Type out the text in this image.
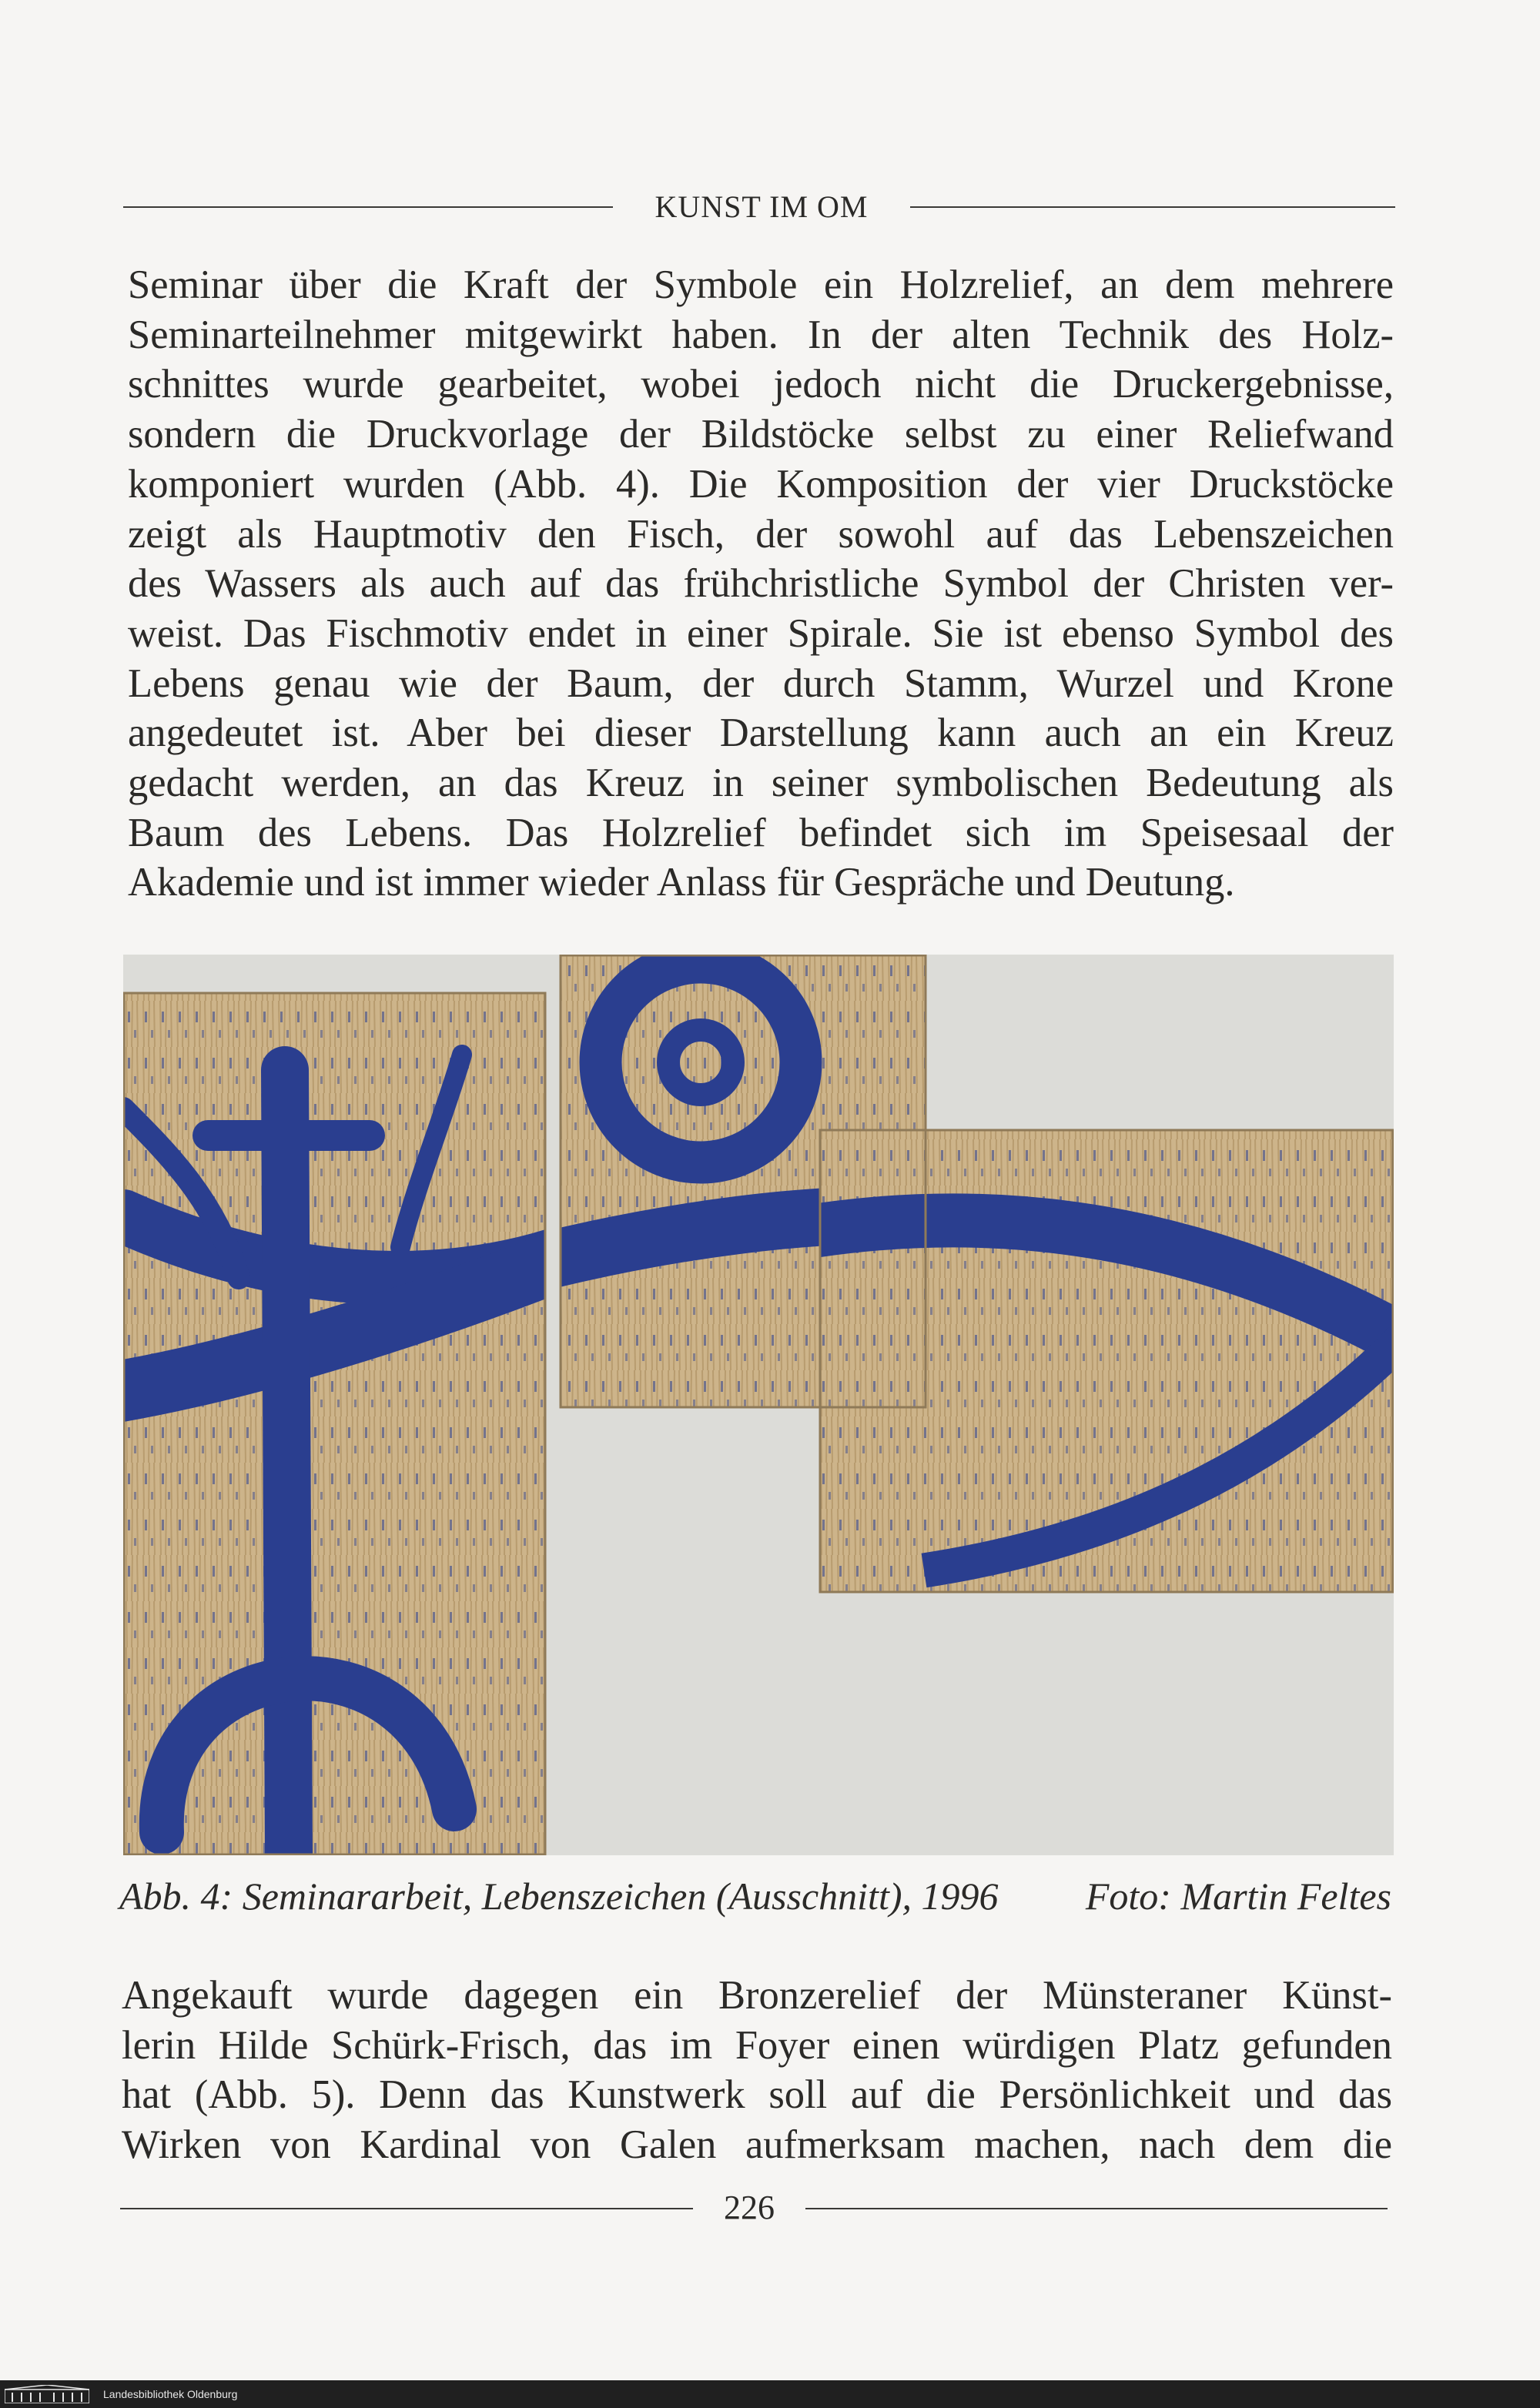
KUNST IM OM

Seminar über die Kraft der Symbole ein Holzrelief, an dem mehrere
Seminarteilnehmer mitgewirkt haben. In der alten Technik des Holz-
schnittes wurde gearbeitet, wobei jedoch nicht die Druckergebnisse,
sondern die Druckvorlage der Bildstöcke selbst zu einer Reliefwand
komponiert wurden (Abb. 4). Die Komposition der vier Druckstöcke
zeigt als Hauptmotiv den Fisch, der sowohl auf das Lebenszeichen
des Wassers als auch auf das frühchristliche Symbol der Christen ver-
weist. Das Fischmotiv endet in einer Spirale. Sie ist ebenso Symbol des
Lebens genau wie der Baum, der durch Stamm, Wurzel und Krone
angedeutet ist. Aber bei dieser Darstellung kann auch an ein Kreuz
gedacht werden, an das Kreuz in seiner symbolischen Bedeutung als
Baum des Lebens. Das Holzrelief befindet sich im Speisesaal der
Akademie und ist immer wieder Anlass für Gespräche und Deutung.

Abb. 4: Seminararbeit, Lebenszeichen (Ausschnitt), 1996 Foto: Martin Feltes

Angekauft wurde dagegen ein Bronzerelief der Münsteraner Künst-
lerin Hilde Schürk-Frisch, das im Foyer einen würdigen Platz gefunden
hat (Abb. 5). Denn das Kunstwerk soll auf die Persönlichkeit und das
Wirken von Kardinal von Galen aufmerksam machen, nach dem die

226
Landesbibliothek Oldenburg
